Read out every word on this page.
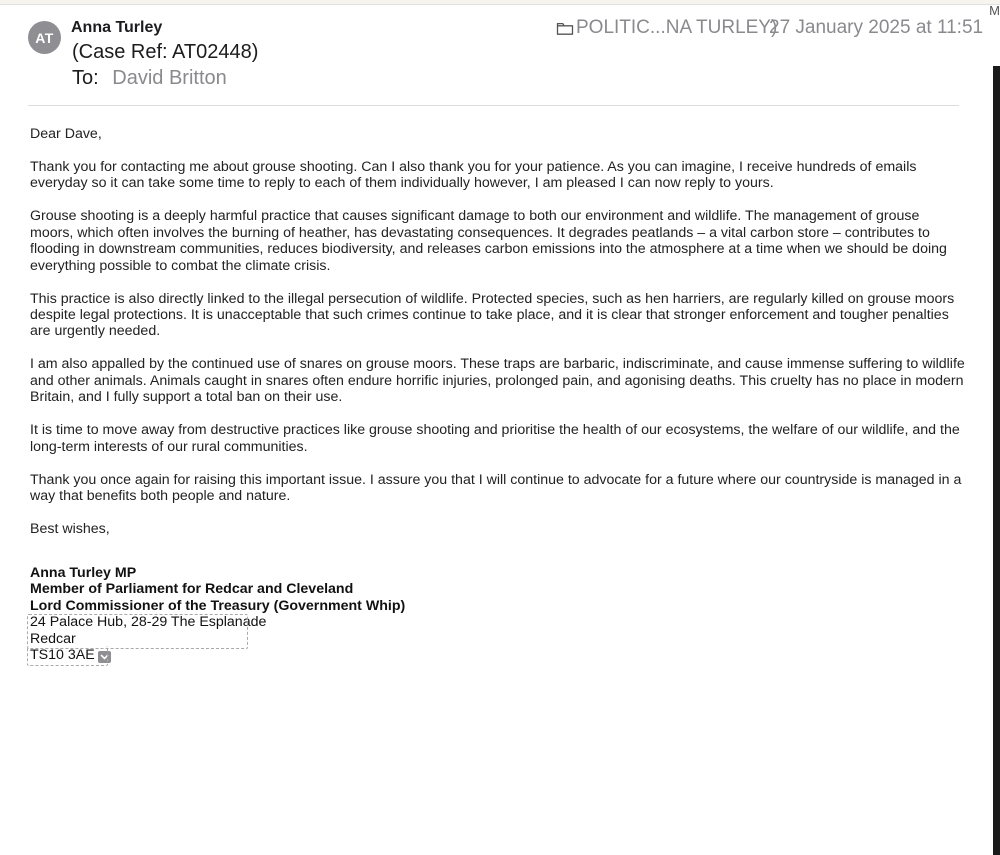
M
AT
Anna Turley
(Case Ref: AT02448)
To: David Britton
POLITIC...NA TURLEY)
27 January 2025 at 11:51

Dear Dave,

Thank you for contacting me about grouse shooting. Can I also thank you for your patience. As you can imagine, I receive hundreds of emails everyday so it can take some time to reply to each of them individually however, I am pleased I can now reply to yours.

Grouse shooting is a deeply harmful practice that causes significant damage to both our environment and wildlife. The management of grouse moors, which often involves the burning of heather, has devastating consequences. It degrades peatlands – a vital carbon store – contributes to flooding in downstream communities, reduces biodiversity, and releases carbon emissions into the atmosphere at a time when we should be doing everything possible to combat the climate crisis.

This practice is also directly linked to the illegal persecution of wildlife. Protected species, such as hen harriers, are regularly killed on grouse moors despite legal protections. It is unacceptable that such crimes continue to take place, and it is clear that stronger enforcement and tougher penalties are urgently needed.

I am also appalled by the continued use of snares on grouse moors. These traps are barbaric, indiscriminate, and cause immense suffering to wildlife and other animals. Animals caught in snares often endure horrific injuries, prolonged pain, and agonising deaths. This cruelty has no place in modern Britain, and I fully support a total ban on their use.

It is time to move away from destructive practices like grouse shooting and prioritise the health of our ecosystems, the welfare of our wildlife, and the long-term interests of our rural communities.

Thank you once again for raising this important issue. I assure you that I will continue to advocate for a future where our countryside is managed in a way that benefits both people and nature.

Best wishes,

Anna Turley MP
Member of Parliament for Redcar and Cleveland
Lord Commissioner of the Treasury (Government Whip)
24 Palace Hub, 28-29 The Esplanade
Redcar
TS10 3AE
